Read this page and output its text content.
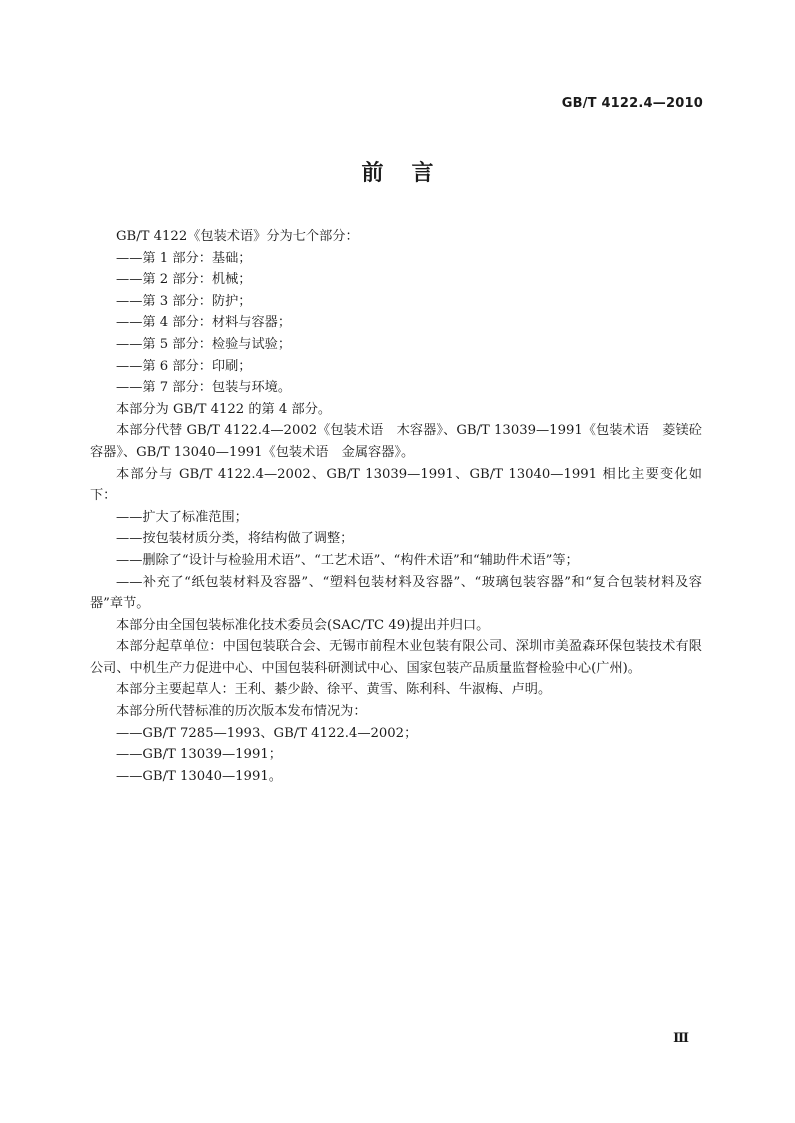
GB/T 4122.4—2010
前言

GB/T 4122《包装术语》分为七个部分：

——第 1 部分：基础；

——第 2 部分：机械；

——第 3 部分：防护；

——第 4 部分：材料与容器；

——第 5 部分：检验与试验；

——第 6 部分：印刷；

——第 7 部分：包装与环境。

本部分为 GB/T 4122 的第 4 部分。

本部分代替 GB/T 4122.4—2002《包装术语　木容器》、GB/T 13039—1991《包装术语　菱镁砼容器》、GB/T 13040—1991《包装术语　金属容器》。

本部分与 GB/T 4122.4—2002、GB/T 13039—1991、GB/T 13040—1991 相比主要变化如下：

——扩大了标准范围；

——按包装材质分类，将结构做了调整；

——删除了“设计与检验用术语”、“工艺术语”、“构件术语”和“辅助件术语”等；

——补充了“纸包装材料及容器”、“塑料包装材料及容器”、“玻璃包装容器”和“复合包装材料及容器”章节。

本部分由全国包装标准化技术委员会(SAC/TC 49)提出并归口。

本部分起草单位：中国包装联合会、无锡市前程木业包装有限公司、深圳市美盈森环保包装技术有限公司、中机生产力促进中心、中国包装科研测试中心、国家包装产品质量监督检验中心(广州)。

本部分主要起草人：王利、綦少龄、徐平、黄雪、陈利科、牛淑梅、卢明。

本部分所代替标准的历次版本发布情况为：

——GB/T 7285—1993、GB/T 4122.4—2002；

——GB/T 13039—1991；

——GB/T 13040—1991。

Ⅲ
